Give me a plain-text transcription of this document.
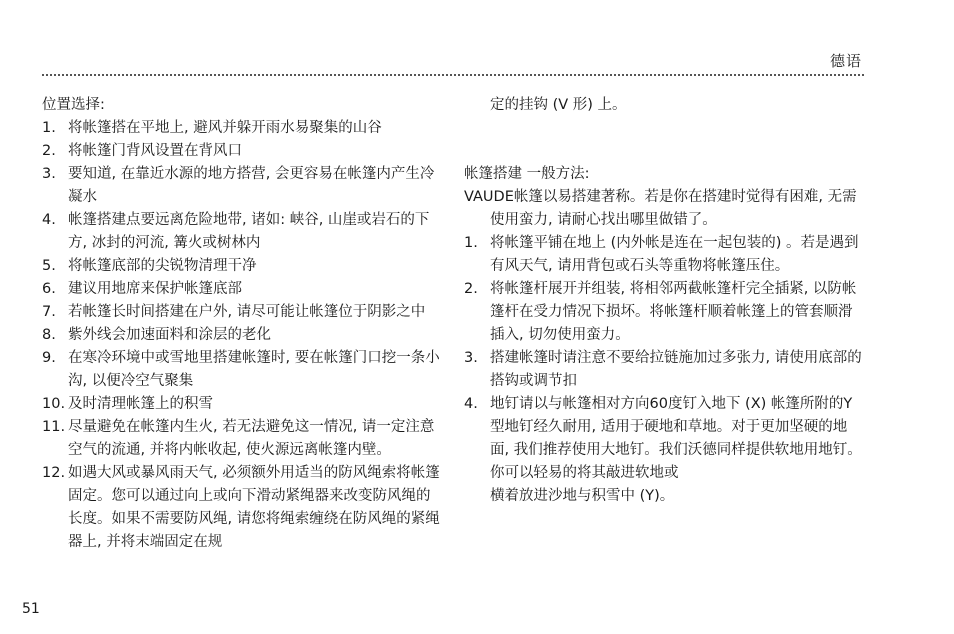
德语

位置选择:

1. 将帐篷搭在平地上, 避风并躲开雨水易聚集的山谷
2. 将帐篷门背风设置在背风口
3. 要知道, 在靠近水源的地方搭营, 会更容易在帐篷内产生冷凝水
4. 帐篷搭建点要远离危险地带, 诸如: 峡谷, 山崖或岩石的下方, 冰封的河流, 篝火或树林内
5. 将帐篷底部的尖锐物清理干净
6. 建议用地席来保护帐篷底部
7. 若帐篷长时间搭建在户外, 请尽可能让帐篷位于阴影之中
8. 紫外线会加速面料和涂层的老化
9. 在寒冷环境中或雪地里搭建帐篷时, 要在帐篷门口挖一条小沟, 以便冷空气聚集
10. 及时清理帐篷上的积雪
11. 尽量避免在帐篷内生火, 若无法避免这一情况, 请一定注意空气的流通, 并将内帐收起, 使火源远离帐篷内壁。
12. 如遇大风或暴风雨天气, 必须额外用适当的防风绳索将帐篷固定。您可以通过向上或向下滑动紧绳器来改变防风绳的长度。如果不需要防风绳, 请您将绳索缠绕在防风绳的紧绳器上, 并将末端固定在规

定的挂钩 (V 形) 上。

帐篷搭建 一般方法:

VAUDE帐篷以易搭建著称。若是你在搭建时觉得有困难, 无需使用蛮力, 请耐心找出哪里做错了。

1. 将帐篷平铺在地上 (内外帐是连在一起包装的) 。若是遇到有风天气, 请用背包或石头等重物将帐篷压住。
2. 将帐篷杆展开并组装, 将相邻两截帐篷杆完全插紧, 以防帐篷杆在受力情况下损坏。将帐篷杆顺着帐篷上的管套顺滑插入, 切勿使用蛮力。
3. 搭建帐篷时请注意不要给拉链施加过多张力, 请使用底部的搭钩或调节扣
4. 地钉请以与帐篷相对方向60度钉入地下 (X) 帐篷所附的Y型地钉经久耐用, 适用于硬地和草地。对于更加坚硬的地面, 我们推荐使用大地钉。我们沃德同样提供软地用地钉。你可以轻易的将其敲进软地或

横着放进沙地与积雪中 (Y)。

51
